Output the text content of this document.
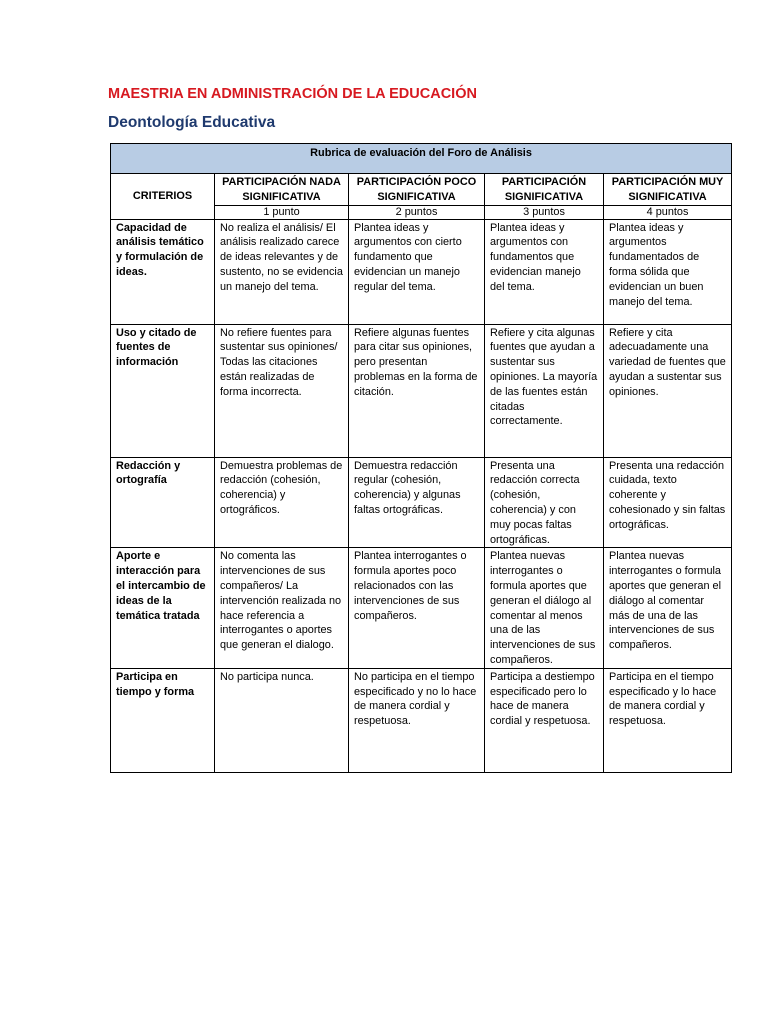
MAESTRIA EN ADMINISTRACIÓN DE LA EDUCACIÓN
Deontología Educativa
Rubrica de evaluación del Foro de Análisis				
CRITERIOS	PARTICIPACIÓN NADA SIGNIFICATIVA	PARTICIPACIÓN POCO SIGNIFICATIVA	PARTICIPACIÓN SIGNIFICATIVA	PARTICIPACIÓN MUY SIGNIFICATIVA
	1 punto	2 puntos	3 puntos	4 puntos
Capacidad de análisis temático y formulación de ideas.	No realiza el análisis/ El análisis realizado carece de ideas relevantes y de sustento, no se evidencia un manejo del tema.	Plantea ideas y argumentos con cierto fundamento que evidencian un manejo regular del tema.	Plantea ideas y argumentos con fundamentos que evidencian manejo del tema.	Plantea ideas y argumentos fundamentados de forma sólida que evidencian un buen manejo del tema.
Uso y citado de fuentes de información	No refiere fuentes para sustentar sus opiniones/ Todas las citaciones están realizadas de forma incorrecta.	Refiere algunas fuentes para citar sus opiniones, pero presentan problemas en la forma de citación.	Refiere y cita algunas fuentes que ayudan a sustentar sus opiniones. La mayoría de las fuentes están citadas correctamente.	Refiere y cita adecuadamente una variedad de fuentes que ayudan a sustentar sus opiniones.
Redacción y ortografía	Demuestra problemas de redacción (cohesión, coherencia) y ortográficos.	Demuestra redacción regular (cohesión, coherencia) y algunas faltas ortográficas.	Presenta una redacción correcta (cohesión, coherencia) y con muy pocas faltas ortográficas.	Presenta una redacción cuidada, texto coherente y cohesionado y sin faltas ortográficas.
Aporte e interacción para el intercambio de ideas de la temática tratada	No comenta las intervenciones de sus compañeros/ La intervención realizada no hace referencia a interrogantes o aportes que generan el dialogo.	Plantea interrogantes o formula aportes poco relacionados con las intervenciones de sus compañeros.	Plantea nuevas interrogantes o formula aportes que generan el diálogo al comentar al menos una de las intervenciones de sus compañeros.	Plantea nuevas interrogantes o formula aportes que generan el diálogo al comentar más de una de las intervenciones de sus compañeros.
Participa en tiempo y forma	No participa nunca.	No participa en el tiempo especificado y no lo hace de manera cordial y respetuosa.	Participa a destiempo especificado pero lo hace de manera cordial y respetuosa.	Participa en el tiempo especificado y lo hace de manera cordial y respetuosa.
